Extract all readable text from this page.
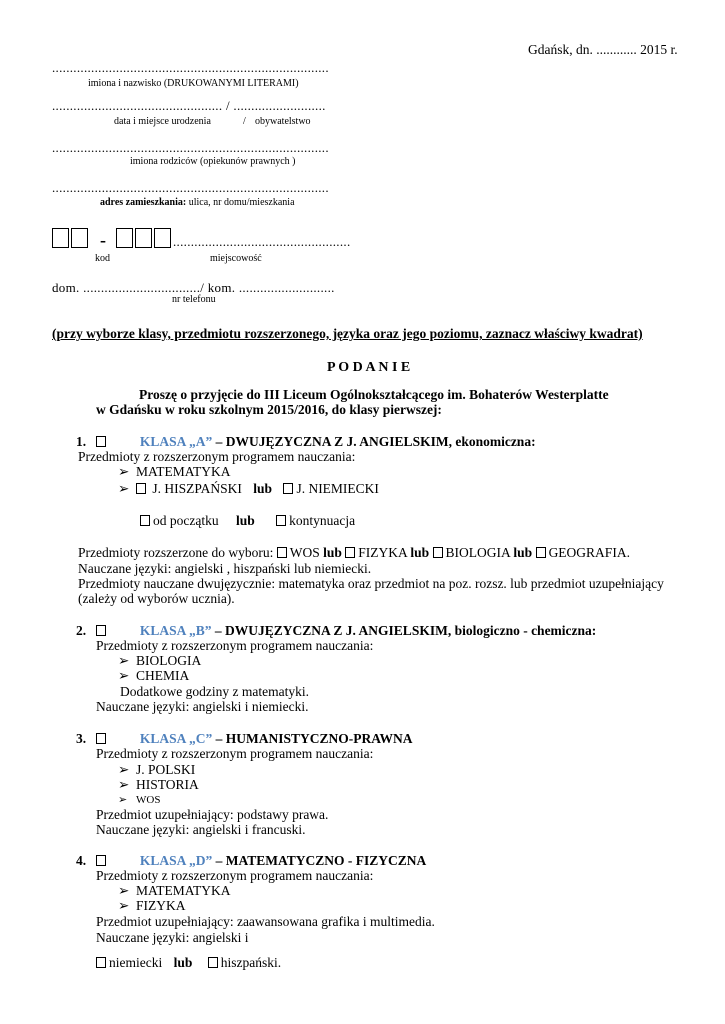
Gdańsk, dn. ............ 2015 r.
..............................................................................
imiona i nazwisko (DRUKOWANYMI LITERAMI)
................................................ / ..........................
data i miejsce urodzenia	/ obywatelstwo
..............................................................................
imiona rodziców (opiekunów prawnych )
..............................................................................
adres zamieszkania: ulica, nr domu/mieszkania
-	..................................................
kod	miejscowość
dom. ................................./ kom. ...........................
nr telefonu
(przy wyborze klasy, przedmiotu rozszerzonego, języka oraz jego poziomu, zaznacz właściwy kwadrat)
P O D A N I E
Proszę o przyjęcie do III Liceum Ogólnokształcącego im. Bohaterów Westerplatte
w Gdańsku w roku szkolnym 2015/2016, do klasy pierwszej:
1.	KLASA „A” – DWUJĘZYCZNA Z J. ANGIELSKIM, ekonomiczna:
Przedmioty z rozszerzonym programem nauczania:
➢ MATEMATYKA
➢ J. HISZPAŃSKI lub J. NIEMIECKI
od początku lub	kontynuacja
Przedmioty rozszerzone do wyboru: WOS lub FIZYKA lub BIOLOGIA lub GEOGRAFIA.
Nauczane języki: angielski , hiszpański lub niemiecki.
Przedmioty nauczane dwujęzycznie: matematyka oraz przedmiot na poz. rozsz. lub przedmiot uzupełniający
(zależy od wyborów ucznia).
2.	KLASA „B” – DWUJĘZYCZNA Z J. ANGIELSKIM, biologiczno - chemiczna:
Przedmioty z rozszerzonym programem nauczania:
➢ BIOLOGIA
➢ CHEMIA
Dodatkowe godziny z matematyki.
Nauczane języki: angielski i niemiecki.
3.	KLASA „C” – HUMANISTYCZNO-PRAWNA
Przedmioty z rozszerzonym programem nauczania:
➢ J. POLSKI
➢ HISTORIA
➢ WOS
Przedmiot uzupełniający: podstawy prawa.
Nauczane języki: angielski i francuski.
4.	KLASA „D” – MATEMATYCZNO - FIZYCZNA
Przedmioty z rozszerzonym programem nauczania:
➢ MATEMATYKA
➢ FIZYKA
Przedmiot uzupełniający: zaawansowana grafika i multimedia.
Nauczane języki: angielski i
niemiecki lub hiszpański.
